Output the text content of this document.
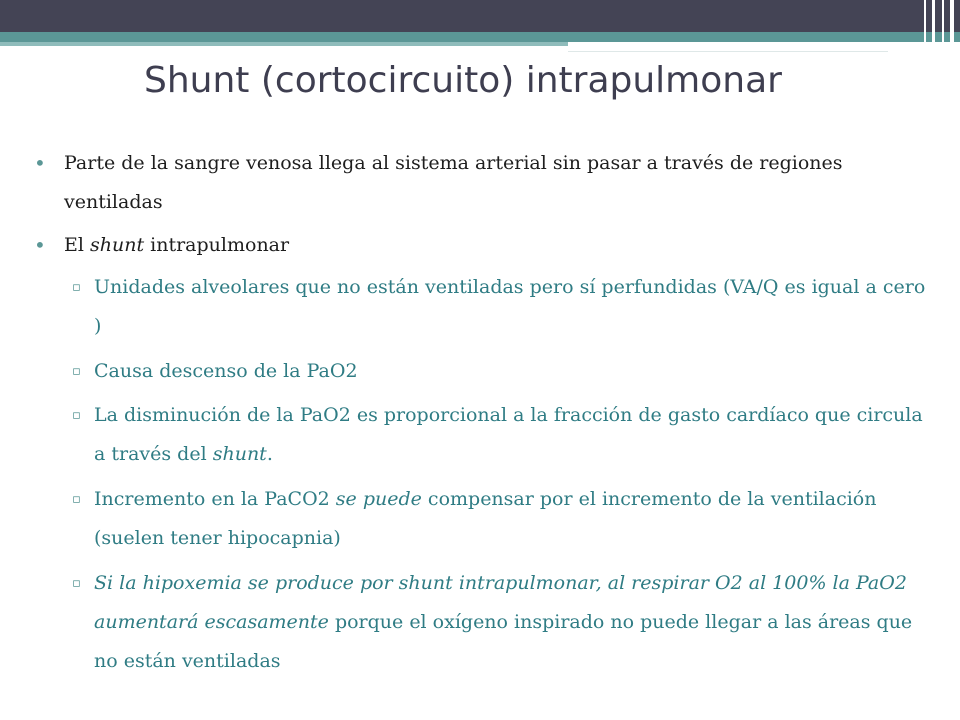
Shunt (cortocircuito) intrapulmonar
• Parte de la sangre venosa llega al sistema arterial sin pasar a través de regiones ventiladas
• El shunt intrapulmonar
▫ Unidades alveolares que no están ventiladas pero sí perfundidas (VA/Q es igual a cero )
▫ Causa descenso de la PaO2
▫ La disminución de la PaO2 es proporcional a la fracción de gasto cardíaco que circula a través del shunt.
▫ Incremento en la PaCO2 se puede compensar por el incremento de la ventilación (suelen tener hipocapnia)
▫ Si la hipoxemia se produce por shunt intrapulmonar, al respirar O2 al 100% la PaO2 aumentará escasamente porque el oxígeno inspirado no puede llegar a las áreas que no están ventiladas
